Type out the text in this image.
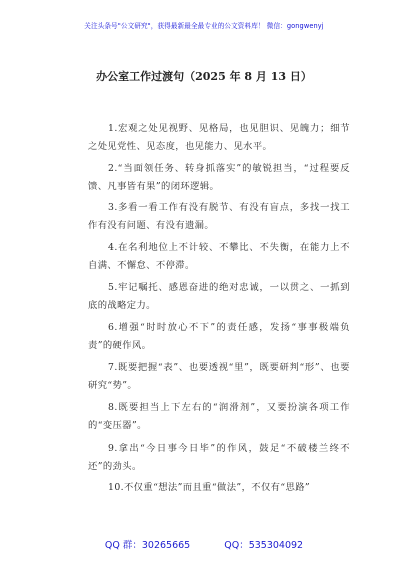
关注头条号"公文研究"，获得最新最全最专业的公文资料库！ 微信：gongwenyj
办公室工作过渡句（2025 年 8 月 13 日）

1.宏观之处见视野、见格局，也见胆识、见魄力；细节之处见党性、见态度，也见能力、见水平。

2.“当面领任务、转身抓落实”的敏锐担当，“过程要反馈、凡事皆有果”的闭环逻辑。

3.多看一看工作有没有脱节、有没有盲点，多找一找工作有没有问题、有没有遗漏。

4.在名利地位上不计较、不攀比、不失衡，在能力上不自满、不懈怠、不停滞。

5.牢记嘱托、感恩奋进的绝对忠诚，一以贯之、一抓到底的战略定力。

6.增强“时时放心不下”的责任感，发扬“事事极端负责”的硬作风。

7.既要把握“表”、也要透视“里”，既要研判“形”、也要研究“势”。

8.既要担当上下左右的“润滑剂”，又要扮演各项工作的“变压器”。

9.拿出“今日事今日毕”的作风，鼓足“不破楼兰终不还”的劲头。

10.不仅重“想法”而且重“做法”，不仅有“思路”

QQ 群：30265665	QQ：535304092
